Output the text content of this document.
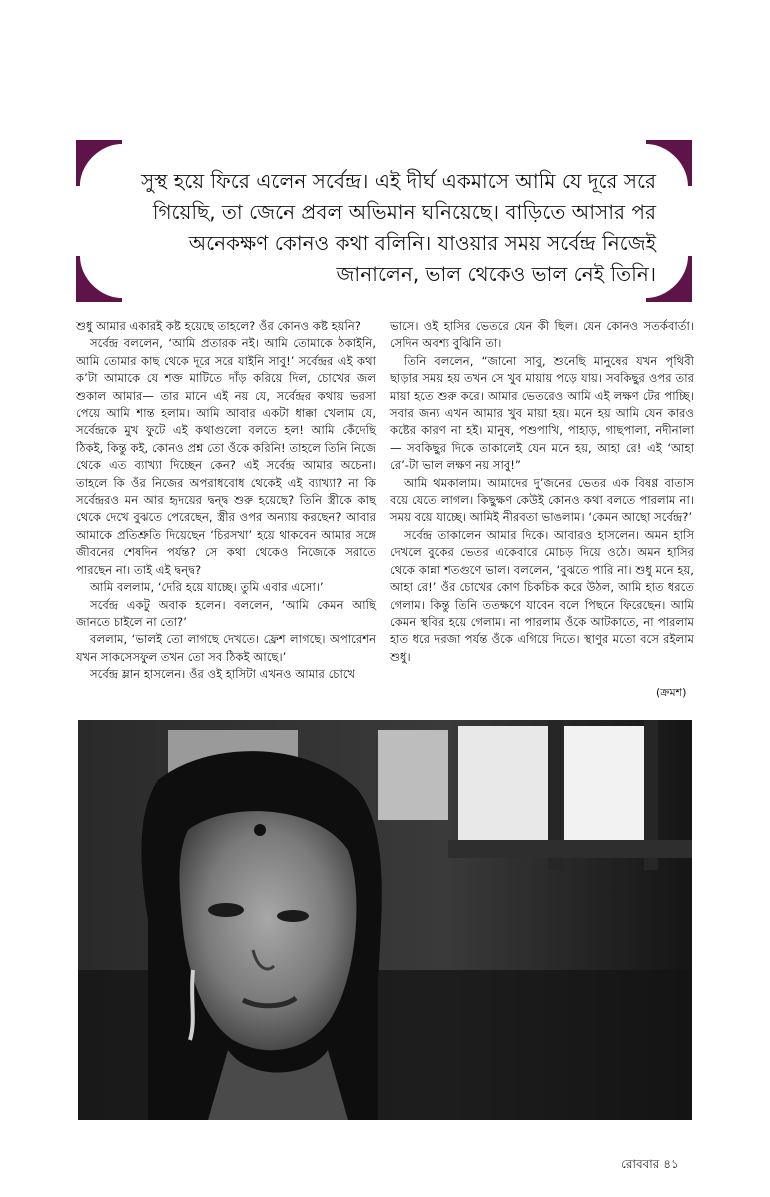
সুস্থ হয়ে ফিরে এলেন সর্বেন্দ্র। এই দীর্ঘ একমাসে আমি যে দূরে সরে
গিয়েছি, তা জেনে প্রবল অভিমান ঘনিয়েছে। বাড়িতে আসার পর
অনেকক্ষণ কোনও কথা বলিনি। যাওয়ার সময় সর্বেন্দ্র নিজেই
জানালেন, ভাল থেকেও ভাল নেই তিনি।

শুধু আমার একারই কষ্ট হয়েছে তাহলে? ওঁর কোনও কষ্ট হয়নি?

সর্বেন্দ্র বললেন, ‘আমি প্রতারক নই। আমি তোমাকে ঠকাইনি, আমি তোমার কাছ থেকে দূরে সরে যাইনি সাবু!’ সর্বেন্দ্রর এই কথা ক’টা আমাকে যে শক্ত মাটিতে দাঁড় করিয়ে দিল, চোখের জল শুকাল আমার— তার মানে এই নয় যে, সর্বেন্দ্রর কথায় ভরসা পেয়ে আমি শান্ত হলাম। আমি আবার একটা ধাক্কা খেলাম যে, সর্বেন্দ্রকে মুখ ফুটে এই কথাগুলো বলতে হল! আমি কেঁদেছি ঠিকই, কিন্তু কই, কোনও প্রশ্ন তো ওঁকে করিনি! তাহলে তিনি নিজে থেকে এত ব্যাখ্যা দিচ্ছেন কেন? এই সর্বেন্দ্র আমার অচেনা। তাহলে কি ওঁর নিজের অপরাধবোধ থেকেই এই ব্যাখ্যা? না কি সর্বেন্দ্ররও মন আর হৃদয়ের দ্বন্দ্ব শুরু হয়েছে? তিনি স্ত্রীকে কাছ থেকে দেখে বুঝতে পেরেছেন, স্ত্রীর ওপর অন্যায় করছেন? আবার আমাকে প্রতিশ্রুতি দিয়েছেন ‘চিরসখা’ হয়ে থাকবেন আমার সঙ্গে জীবনের শেষদিন পর্যন্ত? সে কথা থেকেও নিজেকে সরাতে পারছেন না। তাই এই দ্বন্দ্ব?

আমি বললাম, ‘দেরি হয়ে যাচ্ছে। তুমি এবার এসো।’

সর্বেন্দ্র একটু অবাক হলেন। বললেন, ‘আমি কেমন আছি জানতে চাইলে না তো?’

বললাম, ‘ভালই তো লাগছে দেখতে। ফ্রেশ লাগছে। অপারেশন যখন সাকসেসফুল তখন তো সব ঠিকই আছে।’

সর্বেন্দ্র ম্লান হাসলেন। ওঁর ওই হাসিটা এখনও আমার চোখে

ভাসে। ওই হাসির ভেতরে যেন কী ছিল। যেন কোনও সতর্কবার্তা। সেদিন অবশ্য বুঝিনি তা।

তিনি বললেন, “জানো সাবু, শুনেছি মানুষের যখন পৃথিবী ছাড়ার সময় হয় তখন সে খুব মায়ায় পড়ে যায়। সবকিছুর ওপর তার মায়া হতে শুরু করে। আমার ভেতরেও আমি এই লক্ষণ টের পাচ্ছি। সবার জন্য এখন আমার খুব মায়া হয়। মনে হয় আমি যেন কারও কষ্টের কারণ না হই। মানুষ, পশুপাখি, পাহাড়, গাছপালা, নদীনালা— সবকিছুর দিকে তাকালেই যেন মনে হয়, আহা রে! এই ‘আহা রে’-টা ভাল লক্ষণ নয় সাবু!”

আমি থমকালাম। আমাদের দু’জনের ভেতর এক বিষণ্ণ বাতাস বয়ে যেতে লাগল। কিছুক্ষণ কেউই কোনও কথা বলতে পারলাম না। সময় বয়ে যাচ্ছে। আমিই নীরবতা ভাঙলাম। ‘কেমন আছো সর্বেন্দ্র?’

সর্বেন্দ্র তাকালেন আমার দিকে। আবারও হাসলেন। অমন হাসি দেখলে বুকের ভেতর একেবারে মোচড় দিয়ে ওঠে। অমন হাসির থেকে কান্না শতগুণে ভাল। বললেন, ‘বুঝতে পারি না। শুধু মনে হয়, আহা রে!’ ওঁর চোখের কোণ চিকচিক করে উঠল, আমি হাত ধরতে গেলাম। কিন্তু তিনি ততক্ষণে যাবেন বলে পিছনে ফিরেছেন। আমি কেমন স্থবির হয়ে গেলাম। না পারলাম ওঁকে আটকাতে, না পারলাম হাত ধরে দরজা পর্যন্ত ওঁকে এগিয়ে দিতে। স্থাণুর মতো বসে রইলাম শুধু।

(ক্রমশ)
রোববার ৪১
